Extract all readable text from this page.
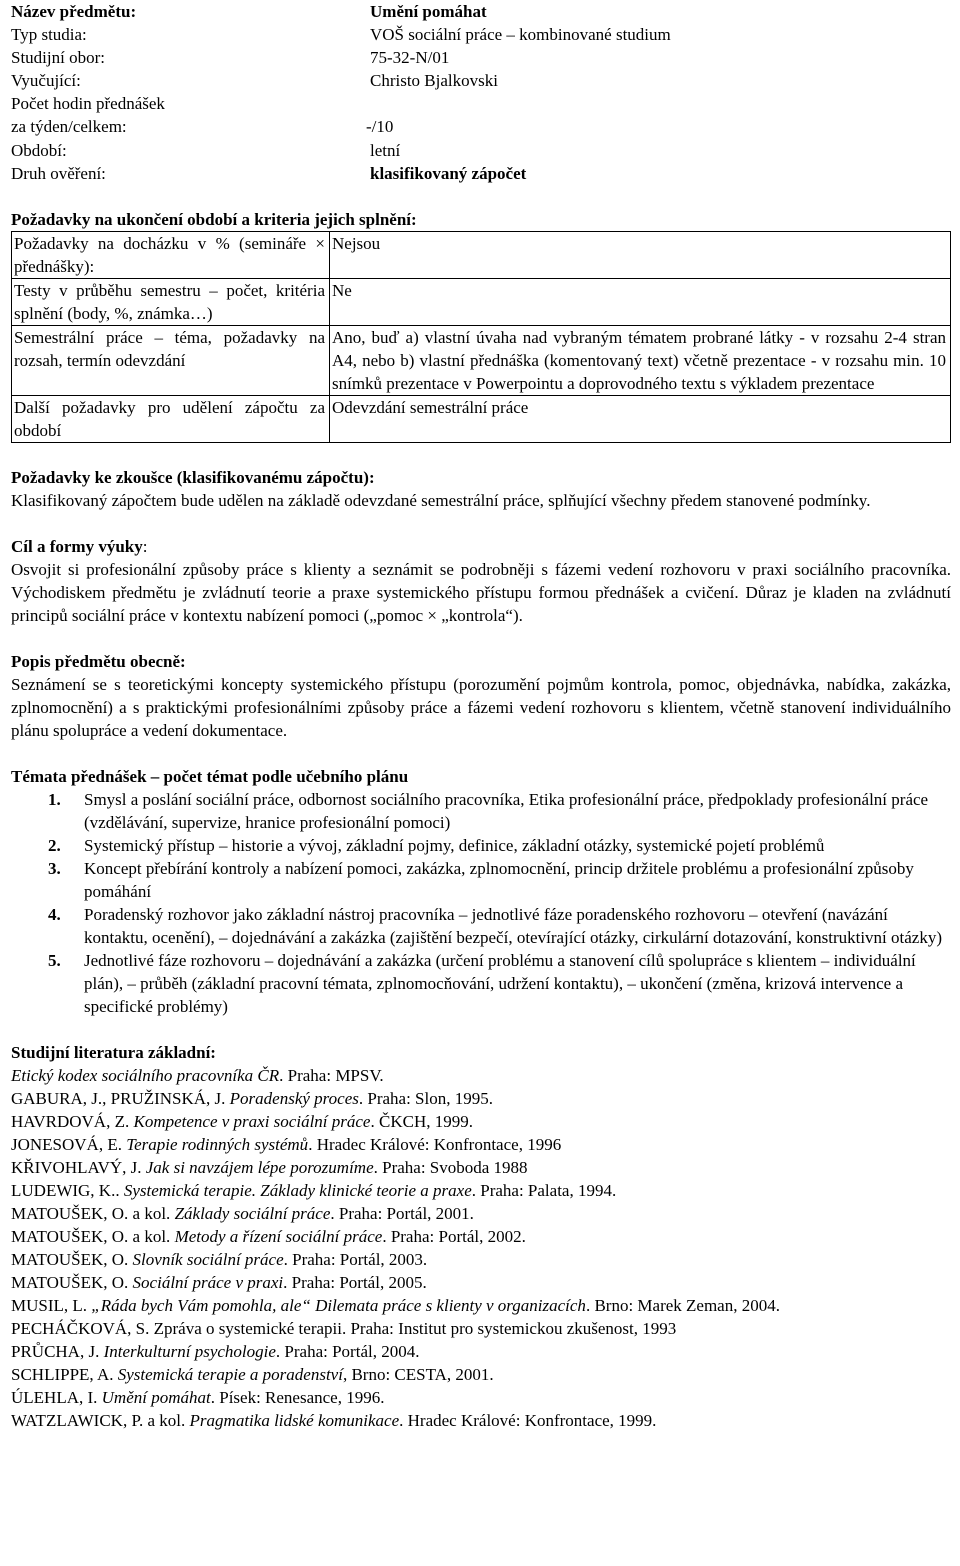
Název předmětu:	Umění pomáhat
Typ studia:	VOŠ sociální práce – kombinované studium
Studijní obor:	75-32-N/01
Vyučující:	Christo Bjalkovski
Počet hodin přednášek
za týden/celkem:	-/10
Období:	letní
Druh ověření:	klasifikovaný zápočet
Požadavky na ukončení období a kriteria jejich splnění:
Požadavky na docházku v % (semináře × přednášky):	Nejsou
Testy v průběhu semestru – počet, kritéria splnění (body, %, známka…)	Ne
Semestrální práce – téma, požadavky na rozsah, termín odevzdání	Ano, buď a) vlastní úvaha nad vybraným tématem probrané látky - v rozsahu 2-4 stran A4, nebo b) vlastní přednáška (komentovaný text) včetně prezentace - v rozsahu min. 10 snímků prezentace v Powerpointu a doprovodného textu s výkladem prezentace
Další požadavky pro udělení zápočtu za období	Odevzdání semestrální práce
Požadavky ke zkoušce (klasifikovanému zápočtu):

Klasifikovaný zápočtem bude udělen na základě odevzdané semestrální práce, splňující všechny předem stanovené podmínky.

Cíl a formy výuky:

Osvojit si profesionální způsoby práce s klienty a seznámit se podrobněji s fázemi vedení rozhovoru v praxi sociálního pracovníka. Východiskem předmětu je zvládnutí teorie a praxe systemického přístupu formou přednášek a cvičení. Důraz je kladen na zvládnutí principů sociální práce v kontextu nabízení pomoci („pomoc × „kontrola“).

Popis předmětu obecně:

Seznámení se s teoretickými koncepty systemického přístupu (porozumění pojmům kontrola, pomoc, objednávka, nabídka, zakázka, zplnomocnění) a s praktickými profesionálními způsoby práce a fázemi vedení rozhovoru s klientem, včetně stanovení individuálního plánu spolupráce a vedení dokumentace.

Témata přednášek – počet témat podle učebního plánu
1. Smysl a poslání sociální práce, odbornost sociálního pracovníka, Etika profesionální práce, předpoklady profesionální práce (vzdělávání, supervize, hranice profesionální pomoci)
2. Systemický přístup – historie a vývoj, základní pojmy, definice, základní otázky, systemické pojetí problémů
3. Koncept přebírání kontroly a nabízení pomoci, zakázka, zplnomocnění, princip držitele problému a profesionální způsoby pomáhání
4. Poradenský rozhovor jako základní nástroj pracovníka – jednotlivé fáze poradenského rozhovoru – otevření (navázání kontaktu, ocenění), – dojednávání a zakázka (zajištění bezpečí, otevírající otázky, cirkulární dotazování, konstruktivní otázky)
5. Jednotlivé fáze rozhovoru – dojednávání a zakázka (určení problému a stanovení cílů spolupráce s klientem – individuální plán), – průběh (základní pracovní témata, zplnomocňování, udržení kontaktu), – ukončení (změna, krizová intervence a specifické problémy)
Studijní literatura základní:
Etický kodex sociálního pracovníka ČR. Praha: MPSV.
GABURA, J., PRUŽINSKÁ, J. Poradenský proces. Praha: Slon, 1995.
HAVRDOVÁ, Z. Kompetence v praxi sociální práce. ČKCH, 1999.
JONESOVÁ, E. Terapie rodinných systémů. Hradec Králové: Konfrontace, 1996
KŘIVOHLAVÝ, J. Jak si navzájem lépe porozumíme. Praha: Svoboda 1988
LUDEWIG, K.. Systemická terapie. Základy klinické teorie a praxe. Praha: Palata, 1994.
MATOUŠEK, O. a kol. Základy sociální práce. Praha: Portál, 2001.
MATOUŠEK, O. a kol. Metody a řízení sociální práce. Praha: Portál, 2002.
MATOUŠEK, O. Slovník sociální práce. Praha: Portál, 2003.
MATOUŠEK, O. Sociální práce v praxi. Praha: Portál, 2005.
MUSIL, L. „Ráda bych Vám pomohla, ale“ Dilemata práce s klienty v organizacích. Brno: Marek Zeman, 2004.
PECHÁČKOVÁ, S. Zpráva o systemické terapii. Praha: Institut pro systemickou zkušenost, 1993
PRŮCHA, J. Interkulturní psychologie. Praha: Portál, 2004.
SCHLIPPE, A. Systemická terapie a poradenství, Brno: CESTA, 2001.
ÚLEHLA, I. Umění pomáhat. Písek: Renesance, 1996.
WATZLAWICK, P. a kol. Pragmatika lidské komunikace. Hradec Králové: Konfrontace, 1999.
